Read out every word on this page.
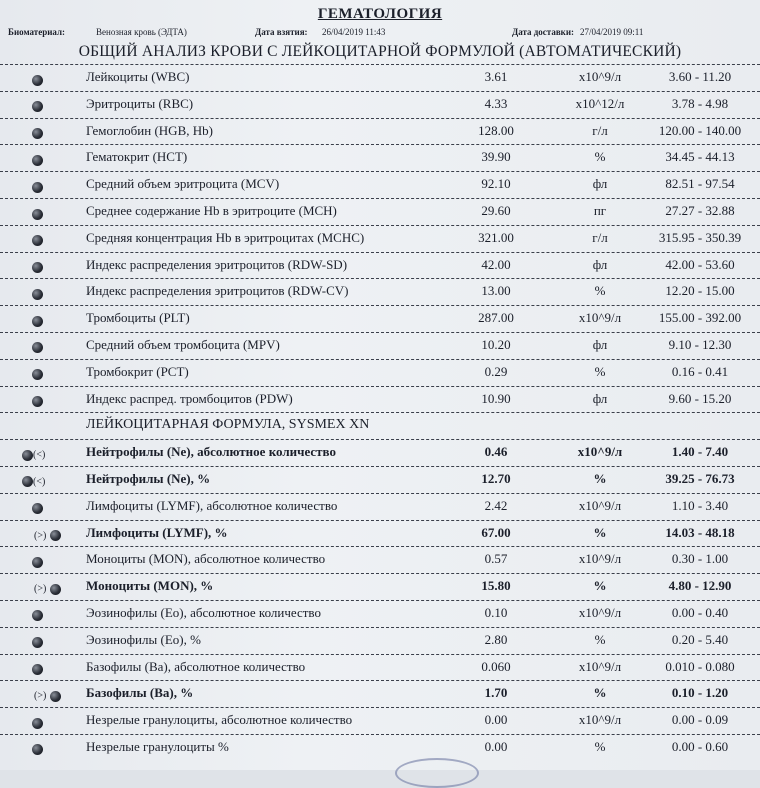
ГЕМАТОЛОГИЯ
Биоматериал:	Венозная кровь (ЭДТА)	Дата взятия: 26/04/2019 11:43	Дата доставки: 27/04/2019 09:11
ОБЩИЙ АНАЛИЗ КРОВИ С ЛЕЙКОЦИТАРНОЙ ФОРМУЛОЙ (АВТОМАТИЧЕСКИЙ)
Лейкоциты (WBC)	3.61	x10^9/л	3.60 - 11.20
Эритроциты (RBC)	4.33	x10^12/л	3.78 - 4.98
Гемоглобин (HGB, Hb)	128.00	г/л	120.00 - 140.00
Гематокрит (HCT)	39.90	%	34.45 - 44.13
Средний объем эритроцита (MCV)	92.10	фл	82.51 - 97.54
Среднее содержание Hb в эритроците (MCH)	29.60	пг	27.27 - 32.88
Средняя концентрация Hb в эритроцитах (MCHC)	321.00	г/л	315.95 - 350.39
Индекс распределения эритроцитов (RDW-SD)	42.00	фл	42.00 - 53.60
Индекс распределения эритроцитов (RDW-CV)	13.00	%	12.20 - 15.00
Тромбоциты (PLT)	287.00	x10^9/л	155.00 - 392.00
Средний объем тромбоцита (MPV)	10.20	фл	9.10 - 12.30
Тромбокрит (PCT)	0.29	%	0.16 - 0.41
Индекс распред. тромбоцитов (PDW)	10.90	фл	9.60 - 15.20
ЛЕЙКОЦИТАРНАЯ ФОРМУЛА, SYSMEX XN
(<)	Нейтрофилы (Ne), абсолютное количество	0.46	x10^9/л	1.40 - 7.40
(<)	Нейтрофилы (Ne), %	12.70	%	39.25 - 76.73
Лимфоциты (LYMF), абсолютное количество	2.42	x10^9/л	1.10 - 3.40
(>)	Лимфоциты (LYMF), %	67.00	%	14.03 - 48.18
Моноциты (MON), абсолютное количество	0.57	x10^9/л	0.30 - 1.00
(>)	Моноциты (MON), %	15.80	%	4.80 - 12.90
Эозинофилы (Eo), абсолютное количество	0.10	x10^9/л	0.00 - 0.40
Эозинофилы (Eo), %	2.80	%	0.20 - 5.40
Базофилы (Ba), абсолютное количество	0.060	x10^9/л	0.010 - 0.080
(>)	Базофилы (Ba), %	1.70	%	0.10 - 1.20
Незрелые гранулоциты, абсолютное количество	0.00	x10^9/л	0.00 - 0.09
Незрелые гранулоциты %	0.00	%	0.00 - 0.60
